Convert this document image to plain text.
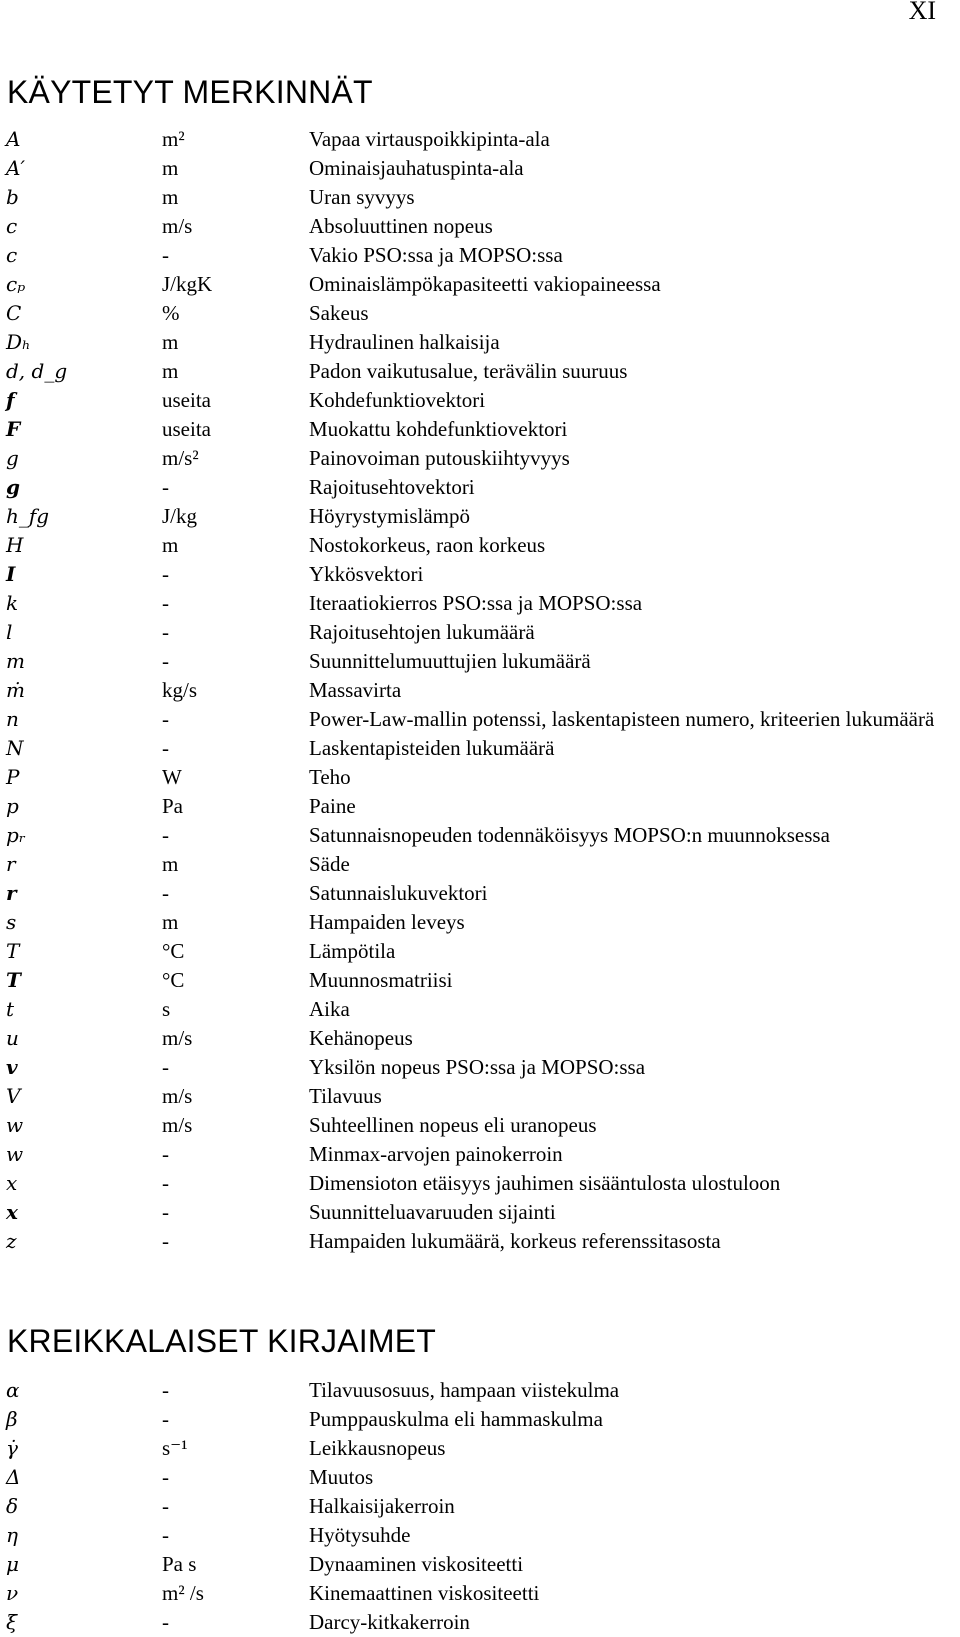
XI
KÄYTETYT MERKINNÄT
A	m²	Vapaa virtauspoikkipinta-ala
A′	m	Ominaisjauhatuspinta-ala
b	m	Uran syvyys
c	m/s	Absoluuttinen nopeus
c	-	Vakio PSO:ssa ja MOPSO:ssa
cₚ	J/kgK	Ominaislämpökapasiteetti vakiopaineessa
C	%	Sakeus
Dₕ	m	Hydraulinen halkaisija
d, d_g	m	Padon vaikutusalue, terävälin suuruus
f	useita	Kohdefunktiovektori
F	useita	Muokattu kohdefunktiovektori
g	m/s²	Painovoiman putouskiihtyvyys
g	-	Rajoitusehtovektori
h_fg	J/kg	Höyrystymislämpö
H	m	Nostokorkeus, raon korkeus
I	-	Ykkösvektori
k	-	Iteraatiokierros PSO:ssa ja MOPSO:ssa
l	-	Rajoitusehtojen lukumäärä
m	-	Suunnittelumuuttujien lukumäärä
ṁ	kg/s	Massavirta
n	-	Power-Law-mallin potenssi, laskentapisteen numero, kriteerien lukumäärä
N	-	Laskentapisteiden lukumäärä
P	W	Teho
p	Pa	Paine
pᵣ	-	Satunnaisnopeuden todennäköisyys MOPSO:n muunnoksessa
r	m	Säde
r	-	Satunnaislukuvektori
s	m	Hampaiden leveys
T	°C	Lämpötila
T	°C	Muunnosmatriisi
t	s	Aika
u	m/s	Kehänopeus
v	-	Yksilön nopeus PSO:ssa ja MOPSO:ssa
V	m/s	Tilavuus
w	m/s	Suhteellinen nopeus eli uranopeus
w	-	Minmax-arvojen painokerroin
x	-	Dimensioton etäisyys jauhimen sisääntulosta ulostuloon
x	-	Suunnitteluavaruuden sijainti
z	-	Hampaiden lukumäärä, korkeus referenssitasosta
KREIKKALAISET KIRJAIMET
α	-	Tilavuusosuus, hampaan viistekulma
β	-	Pumppauskulma eli hammaskulma
γ̇	s⁻¹	Leikkausnopeus
Δ	-	Muutos
δ	-	Halkaisijakerroin
η	-	Hyötysuhde
μ	Pa s	Dynaaminen viskositeetti
ν	m² /s	Kinemaattinen viskositeetti
ξ	-	Darcy-kitkakerroin
